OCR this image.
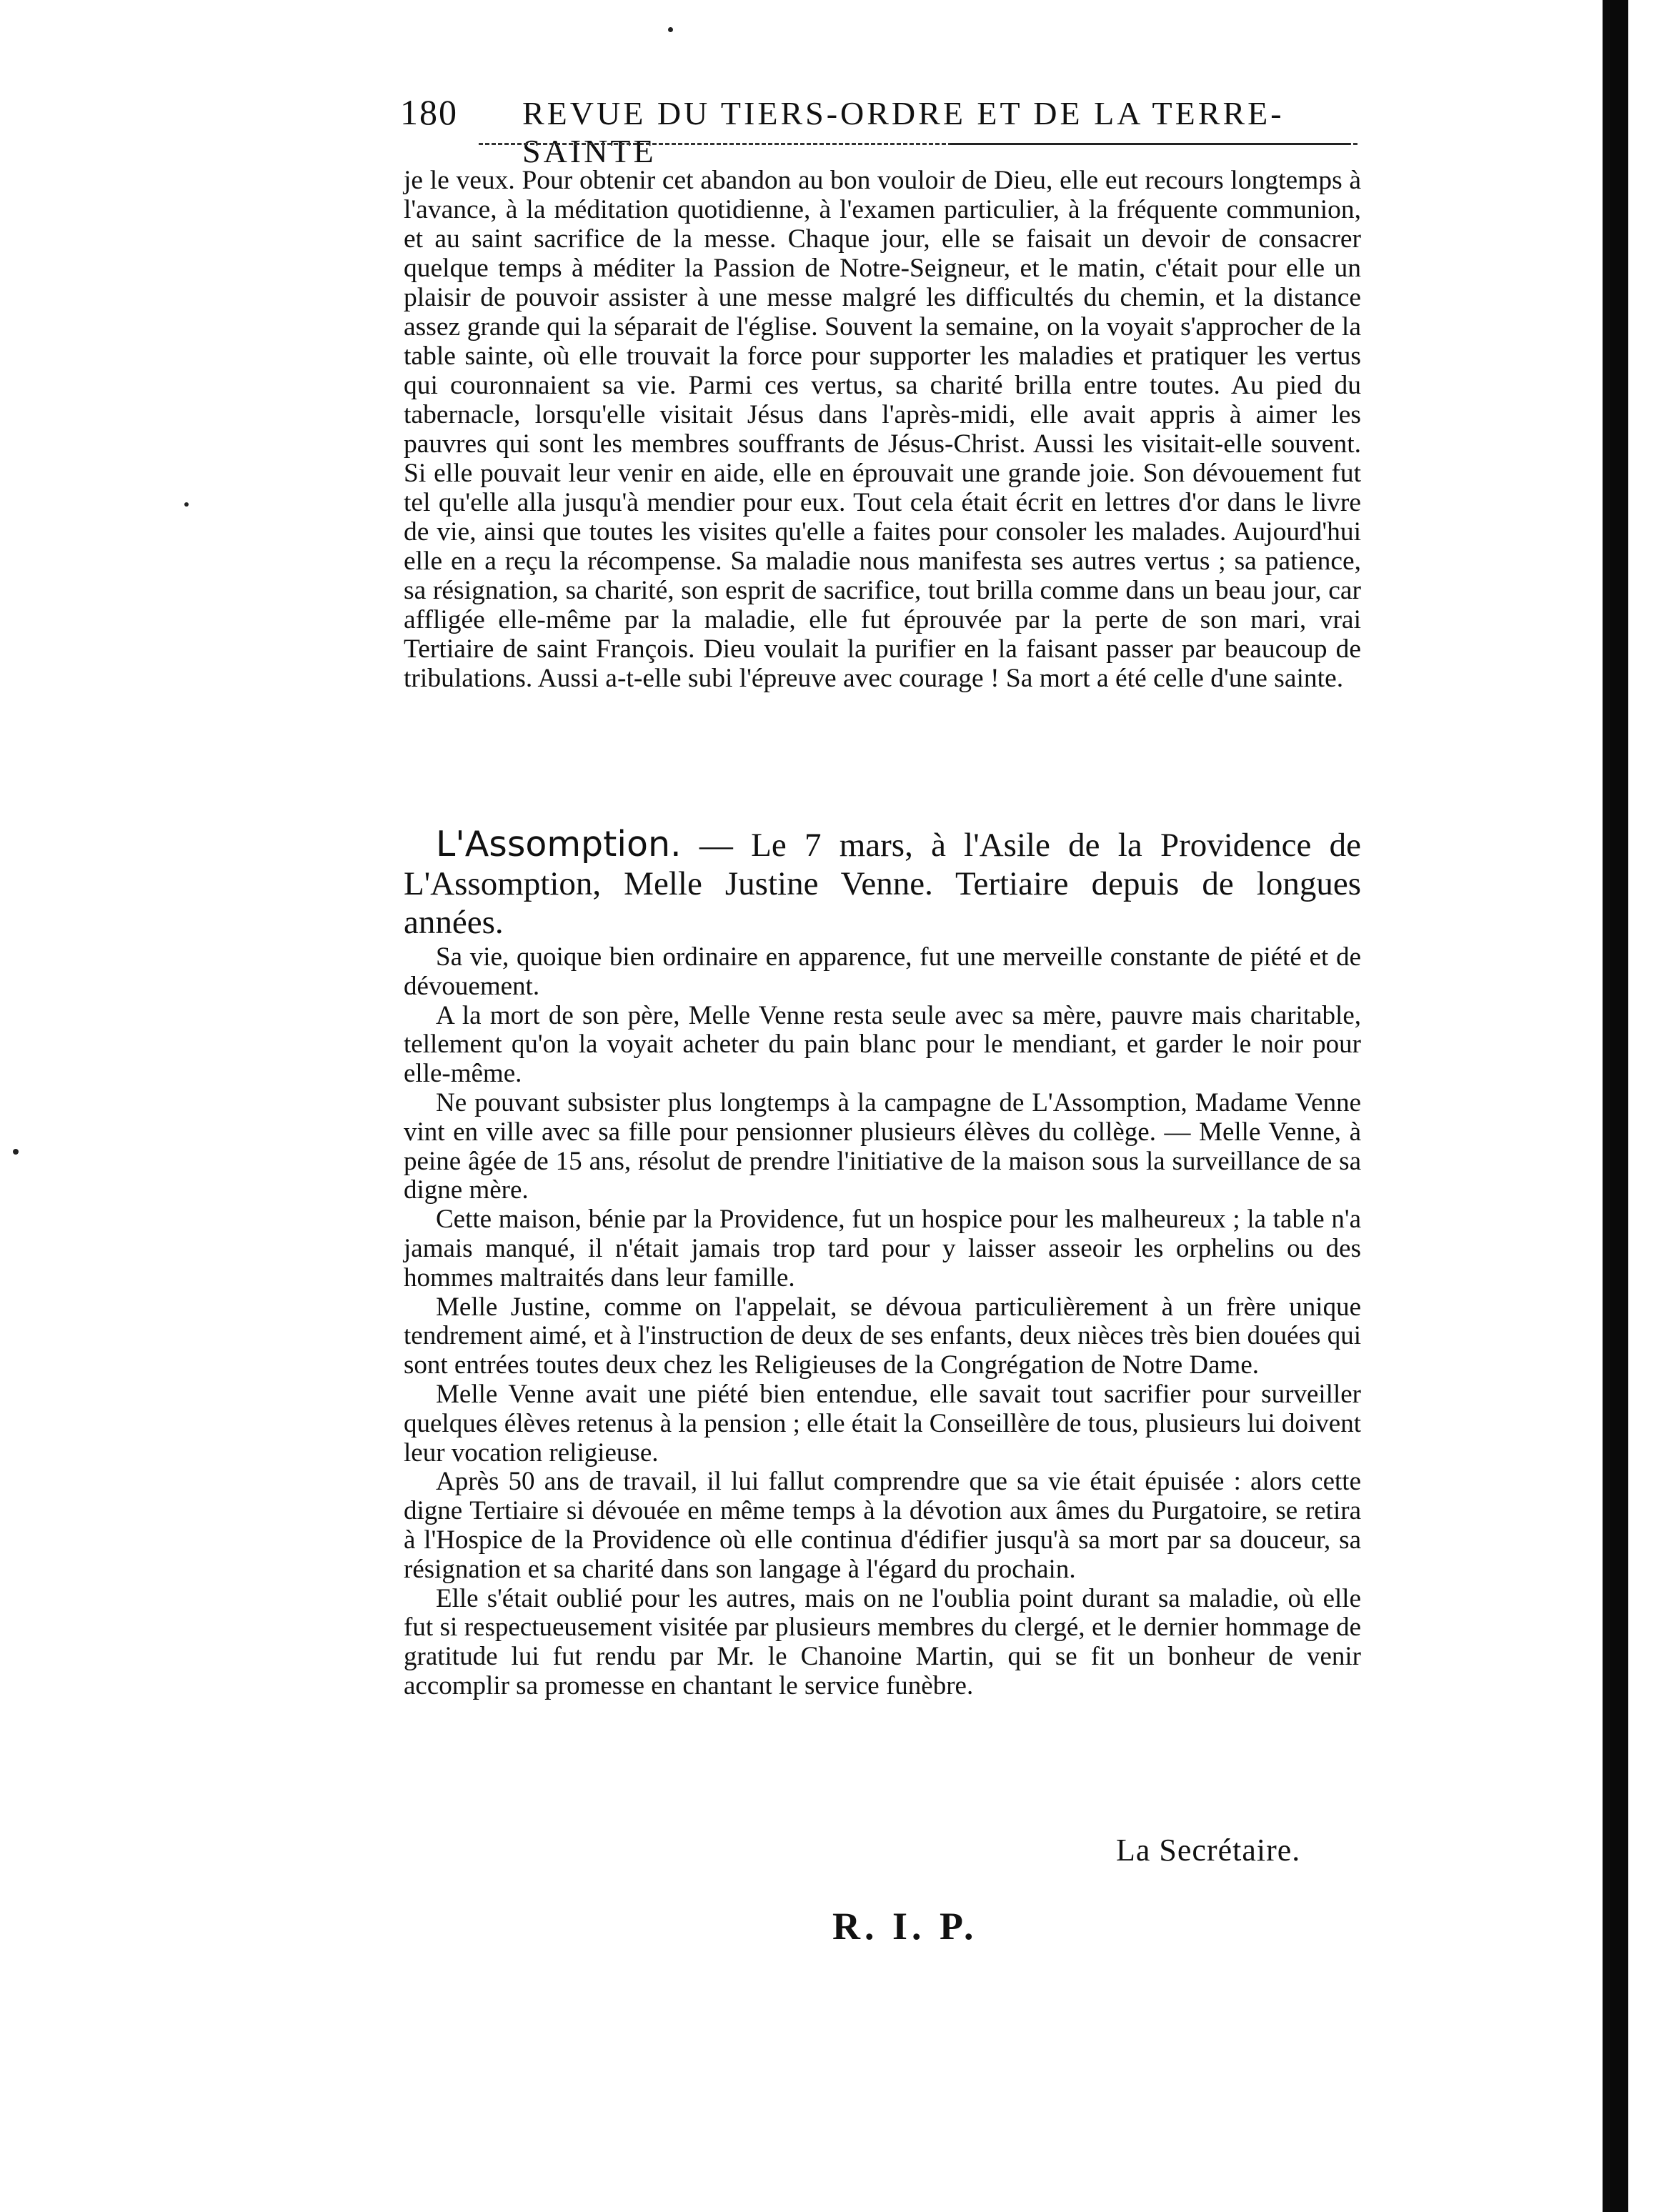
180 REVUE DU TIERS-ORDRE ET DE LA TERRE-SAINTE

je le veux. Pour obtenir cet abandon au bon vouloir de Dieu, elle eut recours longtemps à l'avance, à la méditation quotidienne, à l'examen particulier, à la fréquente communion, et au saint sacrifice de la messe. Chaque jour, elle se faisait un devoir de consacrer quelque temps à méditer la Passion de Notre-Seigneur, et le matin, c'était pour elle un plaisir de pouvoir assister à une messe malgré les difficultés du chemin, et la distance assez grande qui la séparait de l'église. Souvent la semaine, on la voyait s'approcher de la table sainte, où elle trouvait la force pour supporter les maladies et pratiquer les vertus qui couronnaient sa vie. Parmi ces vertus, sa charité brilla entre toutes. Au pied du tabernacle, lorsqu'elle visitait Jésus dans l'après-midi, elle avait appris à aimer les pauvres qui sont les membres souffrants de Jésus-Christ. Aussi les visitait-elle souvent. Si elle pouvait leur venir en aide, elle en éprouvait une grande joie. Son dévouement fut tel qu'elle alla jusqu'à mendier pour eux. Tout cela était écrit en lettres d'or dans le livre de vie, ainsi que toutes les visites qu'elle a faites pour consoler les malades. Aujourd'hui elle en a reçu la récompense. Sa maladie nous manifesta ses autres vertus ; sa patience, sa résignation, sa charité, son esprit de sacrifice, tout brilla comme dans un beau jour, car affligée elle-même par la maladie, elle fut éprouvée par la perte de son mari, vrai Tertiaire de saint François. Dieu voulait la purifier en la faisant passer par beaucoup de tribulations. Aussi a-t-elle subi l'épreuve avec courage ! Sa mort a été celle d'une sainte.

L'Assomption. — Le 7 mars, à l'Asile de la Providence de L'Assomption, Melle Justine Venne. Tertiaire depuis de longues années.

Sa vie, quoique bien ordinaire en apparence, fut une merveille constante de piété et de dévouement.

A la mort de son père, Melle Venne resta seule avec sa mère, pauvre mais charitable, tellement qu'on la voyait acheter du pain blanc pour le mendiant, et garder le noir pour elle-même.

Ne pouvant subsister plus longtemps à la campagne de L'Assomption, Madame Venne vint en ville avec sa fille pour pensionner plusieurs élèves du collège. — Melle Venne, à peine âgée de 15 ans, résolut de prendre l'initiative de la maison sous la surveillance de sa digne mère.

Cette maison, bénie par la Providence, fut un hospice pour les malheureux ; la table n'a jamais manqué, il n'était jamais trop tard pour y laisser asseoir les orphelins ou des hommes maltraités dans leur famille.

Melle Justine, comme on l'appelait, se dévoua particulièrement à un frère unique tendrement aimé, et à l'instruction de deux de ses enfants, deux nièces très bien douées qui sont entrées toutes deux chez les Religieuses de la Congrégation de Notre Dame.

Melle Venne avait une piété bien entendue, elle savait tout sacrifier pour surveiller quelques élèves retenus à la pension ; elle était la Conseillère de tous, plusieurs lui doivent leur vocation religieuse.

Après 50 ans de travail, il lui fallut comprendre que sa vie était épuisée : alors cette digne Tertiaire si dévouée en même temps à la dévotion aux âmes du Purgatoire, se retira à l'Hospice de la Providence où elle continua d'édifier jusqu'à sa mort par sa douceur, sa résignation et sa charité dans son langage à l'égard du prochain.

Elle s'était oublié pour les autres, mais on ne l'oublia point durant sa maladie, où elle fut si respectueusement visitée par plusieurs membres du clergé, et le dernier hommage de gratitude lui fut rendu par Mr. le Chanoine Martin, qui se fit un bonheur de venir accomplir sa promesse en chantant le service funèbre.

La Secrétaire.
R. I. P.
